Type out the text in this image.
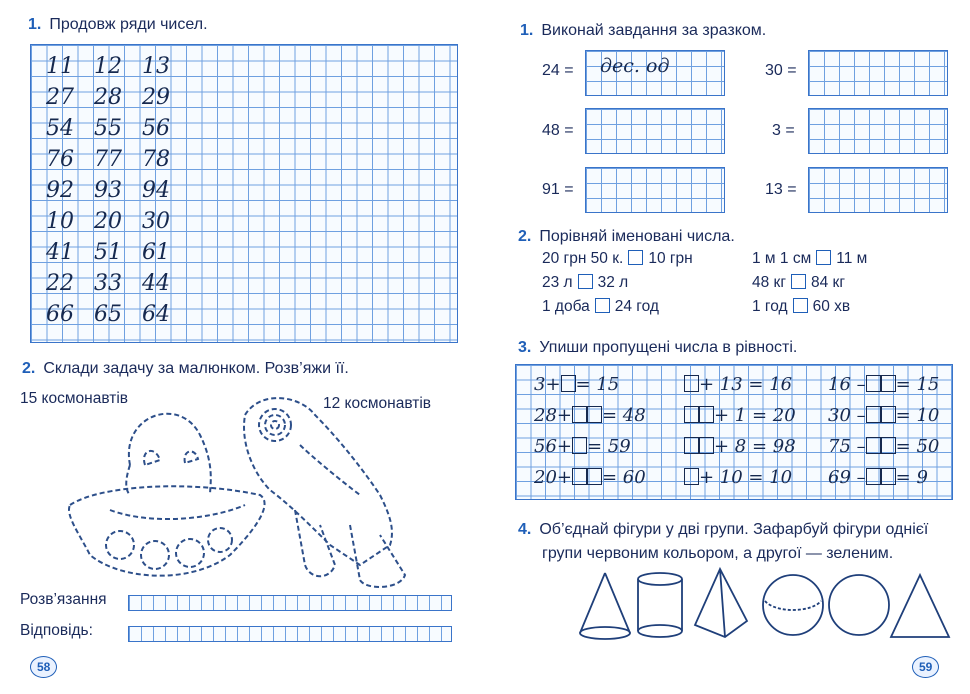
1. Продовж ряди чисел.
11 12 13
27 28 29
54 55 56
76 77 78
92 93 94
10 20 30
41 51 61
22 33 44
66 65 64
2. Склади задачу за малюнком. Розв’яжи її.
15 космонавтів	12 космонавтів
Розв’язання
Відповідь:
58
1. Виконай завдання за зразком.
24 = дес. од	30 =
48 =	3 =
91 =	13 =
2. Порівняй іменовані числа.
20 грн 50 к. 10 грн	1 м 1 см 11 м
23 л 32 л	48 кг 84 кг
1 доба 24 год	1 год 60 хв
3. Упиши пропущені числа в рівності.
3+ = 15	+ 13 = 16 16 – = 15
28+ = 48	+ 1 = 20 30 – = 10
56+ = 59	+ 8 = 98 75 – = 50
20+ = 60	+ 10 = 10 69 – = 9
4. Об’єднай фігури у дві групи. Зафарбуй фігури однієї
групи червоним кольором, а другої — зеленим.
59
